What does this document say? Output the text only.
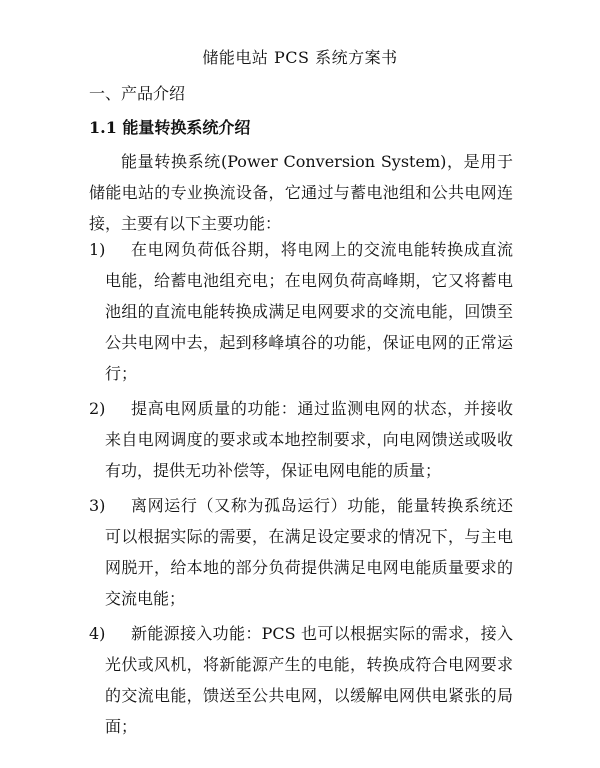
储能电站 PCS 系统方案书
一、产品介绍
1.1 能量转换系统介绍
能量转换系统(Power Conversion System)，是用于储能电站的专业换流设备，它通过与蓄电池组和公共电网连接，主要有以下主要功能：
1)	在电网负荷低谷期，将电网上的交流电能转换成直流电能，给蓄电池组充电；在电网负荷高峰期，它又将蓄电池组的直流电能转换成满足电网要求的交流电能，回馈至公共电网中去，起到移峰填谷的功能，保证电网的正常运行；
2)	提高电网质量的功能：通过监测电网的状态，并接收来自电网调度的要求或本地控制要求，向电网馈送或吸收有功，提供无功补偿等，保证电网电能的质量；
3)	离网运行（又称为孤岛运行）功能，能量转换系统还可以根据实际的需要，在满足设定要求的情况下，与主电网脱开，给本地的部分负荷提供满足电网电能质量要求的交流电能；
4)	新能源接入功能：PCS 也可以根据实际的需求，接入光伏或风机，将新能源产生的电能，转换成符合电网要求的交流电能，馈送至公共电网，以缓解电网供电紧张的局面；
